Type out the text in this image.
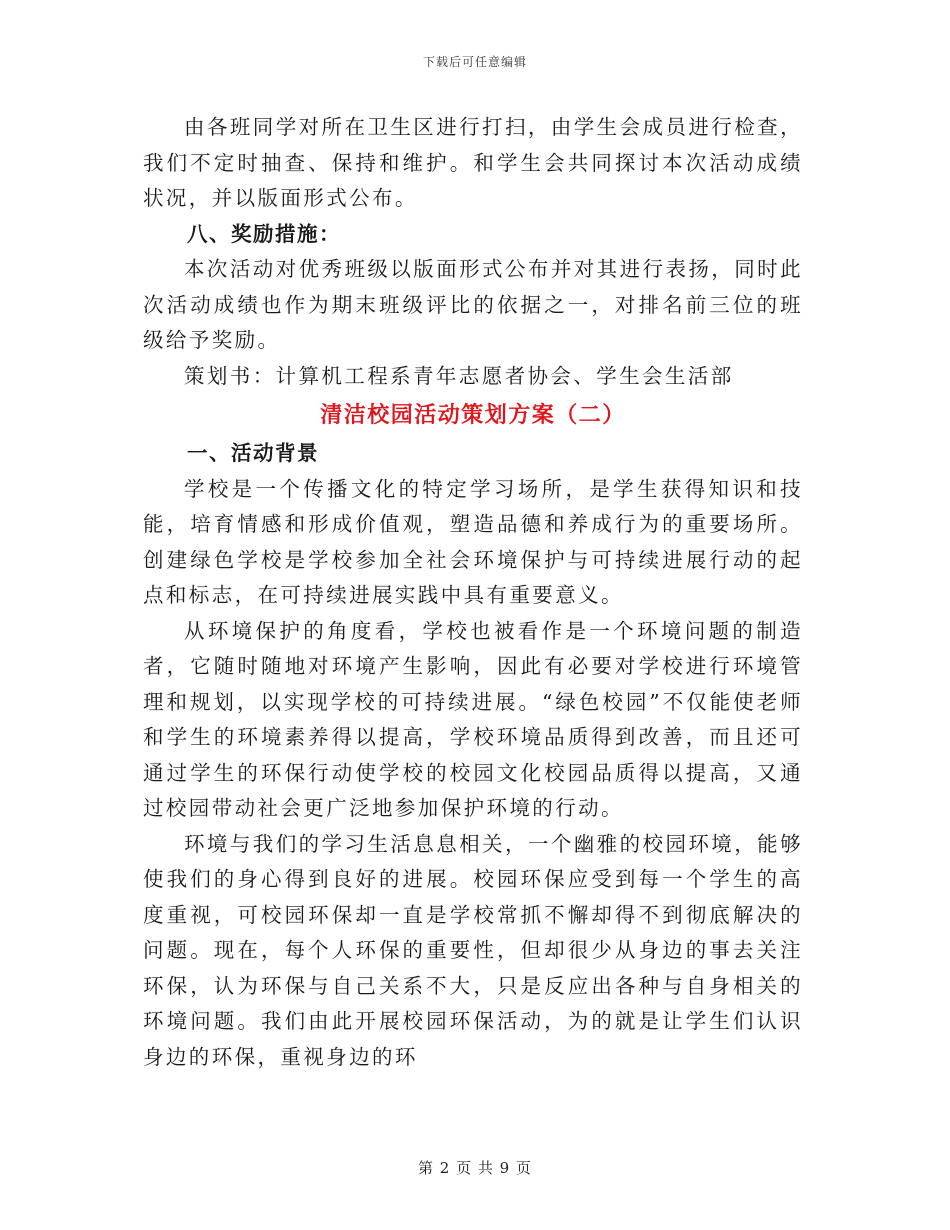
下载后可任意编辑

由各班同学对所在卫生区进行打扫，由学生会成员进行检查，我们不定时抽查、保持和维护。和学生会共同探讨本次活动成绩状况，并以版面形式公布。

八、奖励措施：

本次活动对优秀班级以版面形式公布并对其进行表扬，同时此次活动成绩也作为期末班级评比的依据之一，对排名前三位的班级给予奖励。

策划书：计算机工程系青年志愿者协会、学生会生活部

清洁校园活动策划方案（二）

一、活动背景

学校是一个传播文化的特定学习场所，是学生获得知识和技能，培育情感和形成价值观，塑造品德和养成行为的重要场所。创建绿色学校是学校参加全社会环境保护与可持续进展行动的起点和标志，在可持续进展实践中具有重要意义。

从环境保护的角度看，学校也被看作是一个环境问题的制造者，它随时随地对环境产生影响，因此有必要对学校进行环境管理和规划，以实现学校的可持续进展。“绿色校园”不仅能使老师和学生的环境素养得以提高，学校环境品质得到改善，而且还可通过学生的环保行动使学校的校园文化校园品质得以提高，又通过校园带动社会更广泛地参加保护环境的行动。

环境与我们的学习生活息息相关，一个幽雅的校园环境，能够使我们的身心得到良好的进展。校园环保应受到每一个学生的高度重视，可校园环保却一直是学校常抓不懈却得不到彻底解决的问题。现在，每个人环保的重要性，但却很少从身边的事去关注环保，认为环保与自己关系不大，只是反应出各种与自身相关的环境问题。我们由此开展校园环保活动，为的就是让学生们认识身边的环保，重视身边的环

第 2 页 共 9 页
